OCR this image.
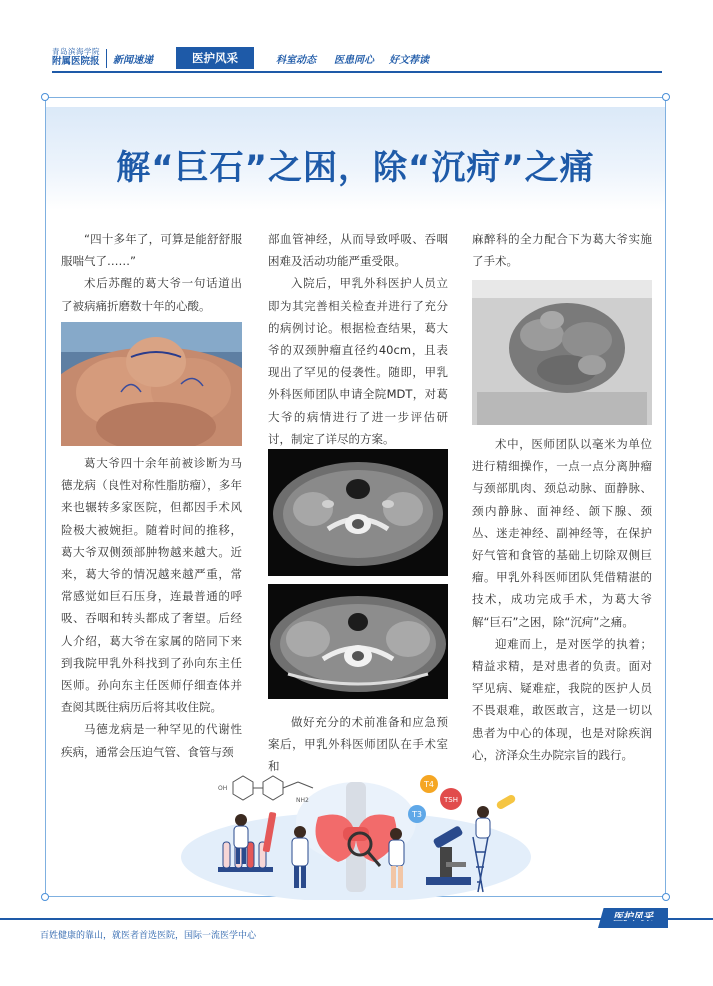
青岛滨海学院
附属医院报	新闻速递	医护风采	科室动态 医患同心 好文荐读
解“巨石”之困，除“沉疴”之痛

“四十多年了，可算是能舒舒服服喘气了……”

术后苏醒的葛大爷一句话道出了被病痛折磨数十年的心酸。

葛大爷四十余年前被诊断为马德龙病（良性对称性脂肪瘤），多年来也辗转多家医院，但都因手术风险极大被婉拒。随着时间的推移，葛大爷双侧颈部肿物越来越大。近来，葛大爷的情况越来越严重，常常感觉如巨石压身，连最普通的呼吸、吞咽和转头都成了奢望。后经人介绍，葛大爷在家属的陪同下来到我院甲乳外科找到了孙向东主任医师。孙向东主任医师仔细查体并查阅其既往病历后将其收住院。

马德龙病是一种罕见的代谢性疾病，通常会压迫气管、食管与颈

部血管神经，从而导致呼吸、吞咽困难及活动功能严重受限。

入院后，甲乳外科医护人员立即为其完善相关检查并进行了充分的病例讨论。根据检查结果，葛大爷的双颈肿瘤直径约40cm，且表现出了罕见的侵袭性。随即，甲乳外科医师团队申请全院MDT，对葛大爷的病情进行了进一步评估研讨，制定了详尽的方案。

做好充分的术前准备和应急预案后，甲乳外科医师团队在手术室和

麻醉科的全力配合下为葛大爷实施了手术。

术中，医师团队以毫米为单位进行精细操作，一点一点分离肿瘤与颈部肌肉、颈总动脉、面静脉、颈内静脉、面神经、颌下腺、颈丛、迷走神经、副神经等，在保护好气管和食管的基础上切除双侧巨瘤。甲乳外科医师团队凭借精湛的技术，成功完成手术，为葛大爷解“巨石”之困，除“沉疴”之痛。

迎难而上，是对医学的执着；精益求精，是对患者的负责。面对罕见病、疑难症，我院的医护人员不畏艰难，敢医敢言，这是一切以患者为中心的体现，也是对除疾润心，济泽众生办院宗旨的践行。

NH2
OH	T4
T3
TSH
百姓健康的靠山，就医者首选医院，国际一流医学中心
